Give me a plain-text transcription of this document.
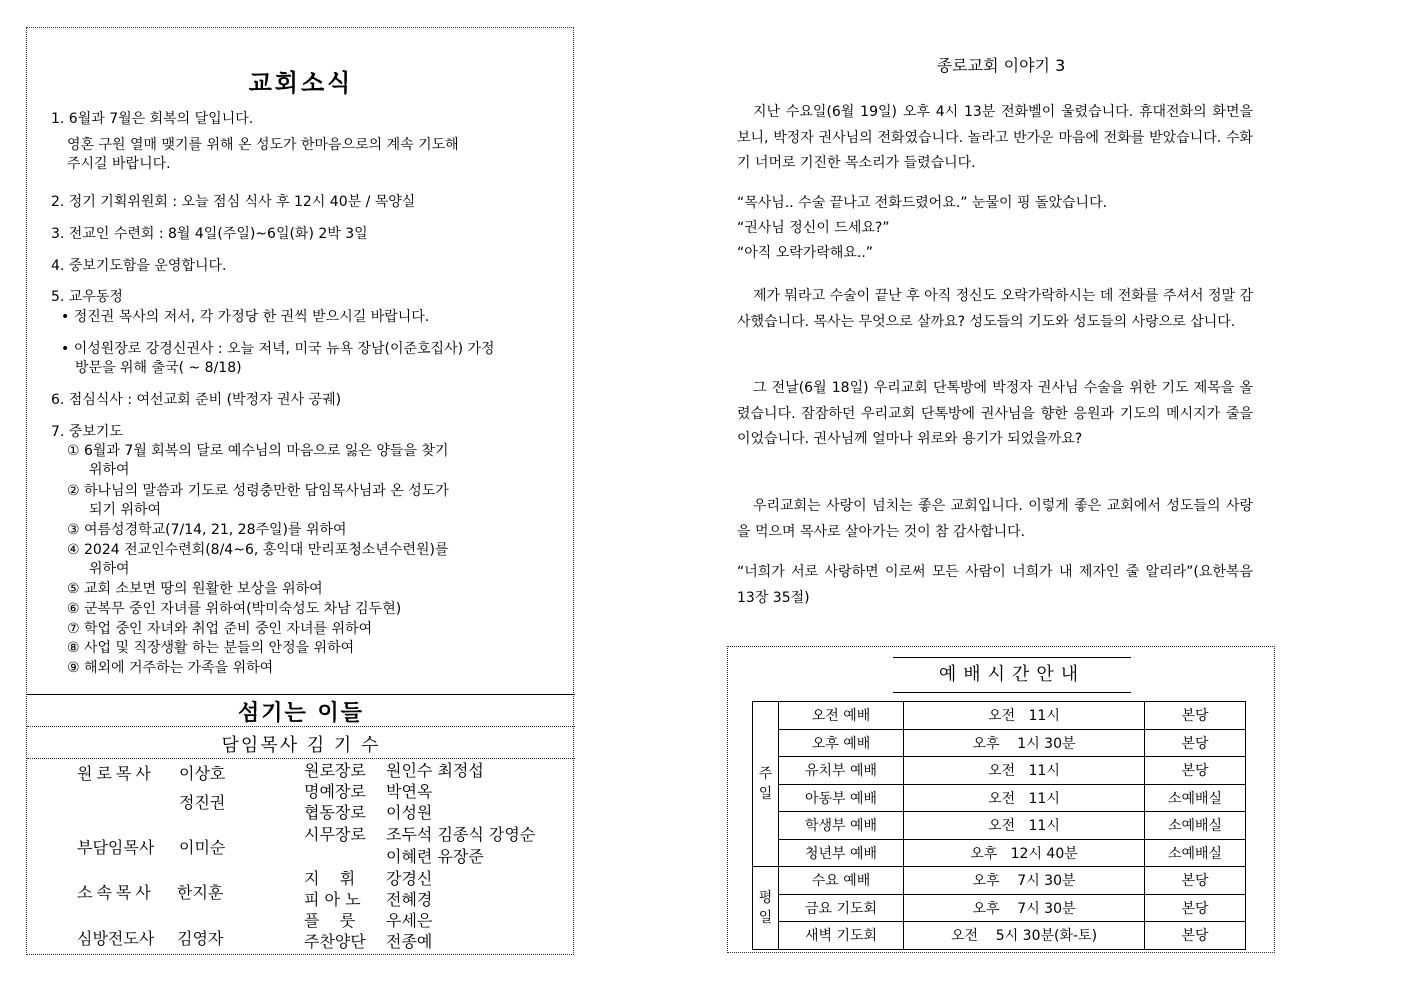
교회소식
1. 6월과 7월은 회복의 달입니다.
영혼 구원 열매 맺기를 위해 온 성도가 한마음으로의 계속 기도해
주시길 바랍니다.
2. 정기 기획위원회 : 오늘 점심 식사 후 12시 40분 / 목양실
3. 전교인 수련회 : 8월 4일(주일)~6일(화) 2박 3일
4. 중보기도함을 운영합니다.
5. 교우동정
• 정진권 목사의 저서, 각 가정당 한 권씩 받으시길 바랍니다.
• 이성원장로 강경신권사 : 오늘 저녁, 미국 뉴욕 장남(이준호집사) 가정
방문을 위해 출국( ~ 8/18)
6. 점심식사 : 여선교회 준비 (박정자 권사 공궤)
7. 중보기도
① 6월과 7월 회복의 달로 예수님의 마음으로 잃은 양들을 찾기
위하여
② 하나님의 말씀과 기도로 성령충만한 담임목사님과 온 성도가
되기 위하여
③ 여름성경학교(7/14, 21, 28주일)를 위하여
④ 2024 전교인수련회(8/4~6, 홍익대 만리포청소년수련원)를
위하여
⑤ 교회 소보면 땅의 원활한 보상을 위하여
⑥ 군복무 중인 자녀를 위하여(박미숙성도 차남 김두현)
⑦ 학업 중인 자녀와 취업 준비 중인 자녀를 위하여
⑧ 사업 및 직장생활 하는 분들의 안정을 위하여
⑨ 해외에 거주하는 가족을 위하여
섬기는 이들
담임목사 김 기 수
원로목사 이상호
정진권
부담임목사 이미순
소속목사 한지훈
심방전도사 김영자
원로장로 원인수 최정섭
명예장로 박연옥
협동장로 이성원
시무장로 조두석 김종식 강영순
이혜련 유장준
지    휘 강경신
피 아 노 전혜경
플    룻 우세은
주찬양단 전종예
종로교회 이야기 3
지난 수요일(6월 19일) 오후 4시 13분 전화벨이 울렸습니다. 휴대전화의 화면을 보니, 박정자 권사님의 전화였습니다. 놀라고 반가운 마음에 전화를 받았습니다. 수화기 너머로 기진한 목소리가 들렸습니다.
“목사님.. 수술 끝나고 전화드렸어요.” 눈물이 핑 돌았습니다.
“권사님 정신이 드세요?”
“아직 오락가락해요..”
제가 뭐라고 수술이 끝난 후 아직 정신도 오락가락하시는 데 전화를 주셔서 정말 감사했습니다. 목사는 무엇으로 살까요? 성도들의 기도와 성도들의 사랑으로 삽니다.
그 전날(6월 18일) 우리교회 단톡방에 박정자 권사님 수술을 위한 기도 제목을 올렸습니다. 잠잠하던 우리교회 단톡방에 권사님을 향한 응원과 기도의 메시지가 줄을 이었습니다. 권사님께 얼마나 위로와 용기가 되었을까요?
우리교회는 사랑이 넘치는 좋은 교회입니다. 이렇게 좋은 교회에서 성도들의 사랑을 먹으며 목사로 살아가는 것이 참 감사합니다.
“너희가 서로 사랑하면 이로써 모든 사람이 너희가 내 제자인 줄 알리라”(요한복음 13장 35절)
예배시간안내
주일	오전 예배	오전   11시	본당
	오후 예배	오후    1시 30분	본당
	유치부 예배	오전   11시	본당
	아동부 예배	오전   11시	소예배실
	학생부 예배	오전   11시	소예배실
	청년부 예배	오후   12시 40분	소예배실

평일	수요 예배	오후    7시 30분	본당
	금요 기도회	오후    7시 30분	본당
	새벽 기도회	오전    5시 30분(화-토)	본당
